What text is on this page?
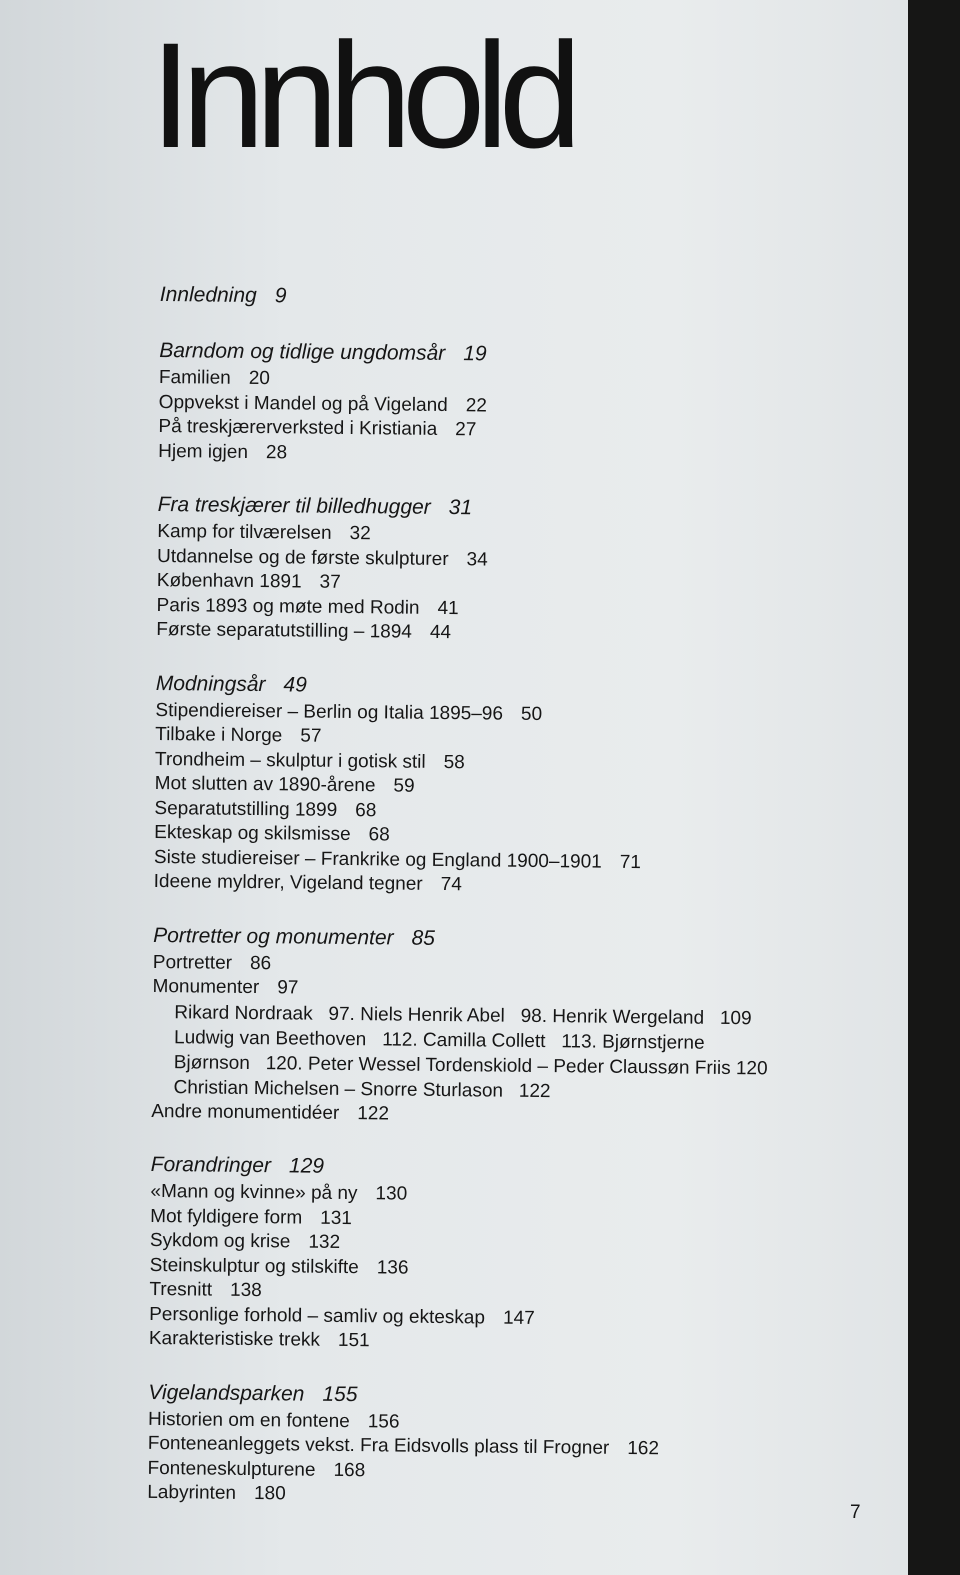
Innhold

Innledning 9

Barndom og tidlige ungdomsår 19

Familien 20

Oppvekst i Mandel og på Vigeland 22

På treskjærerverksted i Kristiania 27

Hjem igjen 28

Fra treskjærer til billedhugger 31

Kamp for tilværelsen 32

Utdannelse og de første skulpturer 34

København 1891 37

Paris 1893 og møte med Rodin 41

Første separatutstilling – 1894 44

Modningsår 49

Stipendiereiser – Berlin og Italia 1895–96 50

Tilbake i Norge 57

Trondheim – skulptur i gotisk stil 58

Mot slutten av 1890-årene 59

Separatutstilling 1899 68

Ekteskap og skilsmisse 68

Siste studiereiser – Frankrike og England 1900–1901 71

Ideene myldrer, Vigeland tegner 74

Portretter og monumenter 85

Portretter 86

Monumenter 97

Rikard Nordraak   97. Niels Henrik Abel   98. Henrik Wergeland   109

Ludwig van Beethoven   112. Camilla Collett   113. Bjørnstjerne

Bjørnson   120. Peter Wessel Tordenskiold – Peder Claussøn Friis 120

Christian Michelsen – Snorre Sturlason   122

Andre monumentidéer 122

Forandringer 129

«Mann og kvinne» på ny 130

Mot fyldigere form 131

Sykdom og krise 132

Steinskulptur og stilskifte 136

Tresnitt 138

Personlige forhold – samliv og ekteskap 147

Karakteristiske trekk 151

Vigelandsparken 155

Historien om en fontene 156

Fonteneanleggets vekst. Fra Eidsvolls plass til Frogner 162

Fonteneskulpturene 168

Labyrinten 180

7
